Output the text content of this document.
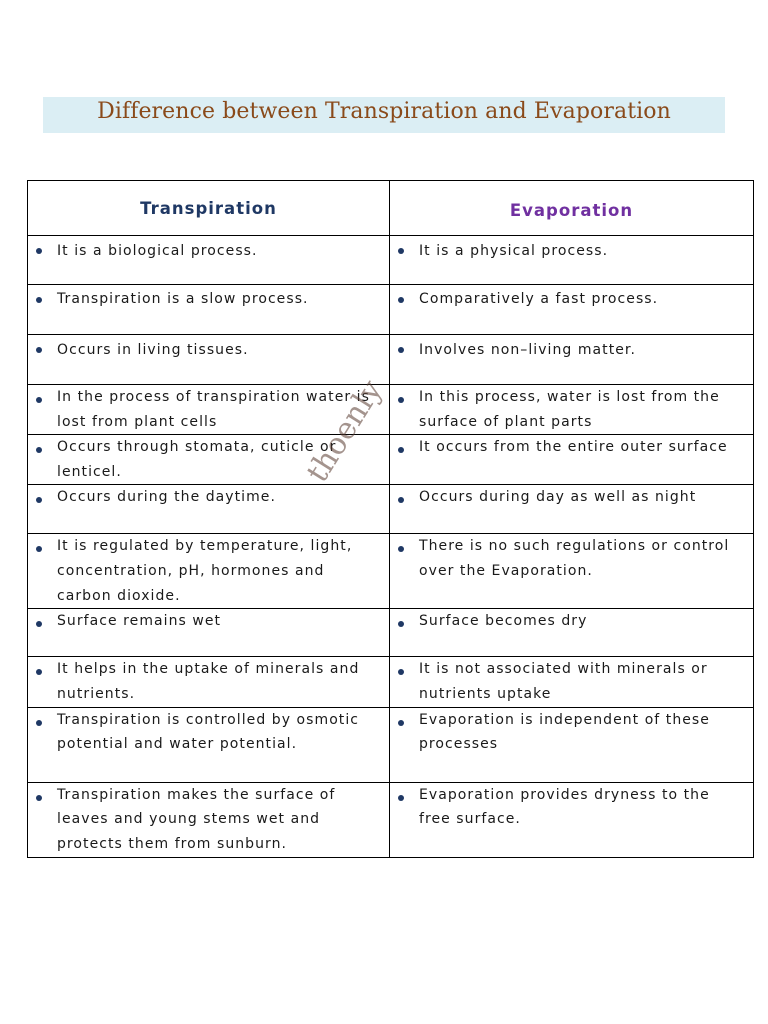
Difference between Transpiration and Evaporation
Transpiration	Evaporation

It is a biological process.	It is a physical process.

Transpiration is a slow process.	Comparatively a fast process.

Occurs in living tissues.	Involves non–living matter.

In the process of transpiration water is lost from plant cells	In this process, water is lost from the surface of plant parts

Occurs through stomata, cuticle or lenticel.	It occurs from the entire outer surface

Occurs during the daytime.	Occurs during day as well as night

It is regulated by temperature, light, concentration, pH, hormones and carbon dioxide.	There is no such regulations or control over the Evaporation.

Surface remains wet	Surface becomes dry

It helps in the uptake of minerals and nutrients.	It is not associated with minerals or nutrients uptake

Transpiration is controlled by osmotic potential and water potential.	Evaporation is independent of these processes

Transpiration makes the surface of leaves and young stems wet and protects them from sunburn.	Evaporation provides dryness to the free surface.
thoenly
